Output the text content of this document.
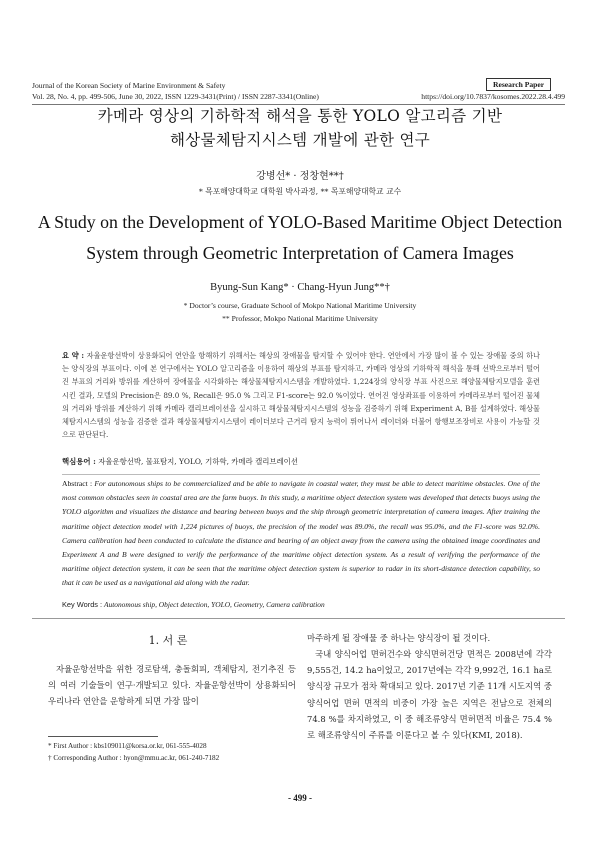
Journal of the Korean Society of Marine Environment & Safety
Vol. 28, No. 4, pp. 499-506, June 30, 2022, ISSN 1229-3431(Print) / ISSN 2287-3341(Online)
Research Paper
https://doi.org/10.7837/kosomes.2022.28.4.499
카메라 영상의 기하학적 해석을 통한 YOLO 알고리즘 기반
해상물체탐지시스템 개발에 관한 연구
강병선* · 정창현**†
* 목포해양대학교 대학원 박사과정, ** 목포해양대학교 교수
A Study on the Development of YOLO-Based Maritime Object Detection
System through Geometric Interpretation of Camera Images
Byung-Sun Kang* · Chang-Hyun Jung**†
* Doctor’s course, Graduate School of Mokpo National Maritime University
** Professor, Mokpo National Maritime University
요 약 : 자율운항선박이 상용화되어 연안을 항해하기 위해서는 해상의 장애물을 탐지할 수 있어야 한다. 연안에서 가장 많이 볼 수 있는 장애물 중의 하나는 양식장의 부표이다. 이에 본 연구에서는 YOLO 알고리즘을 이용하여 해상의 부표를 탐지하고, 카메라 영상의 기하학적 해석을 통해 선박으로부터 떨어진 부표의 거리와 방위를 계산하여 장애물을 시각화하는 해상물체탐지시스템을 개발하였다. 1,224장의 양식장 부표 사진으로 해양물체탐지모델을 훈련시킨 결과, 모델의 Precision은 89.0 %, Recall은 95.0 % 그리고 F1-score는 92.0 %이었다. 연어진 영상좌표를 이용하여 카메라로부터 떨어진 물체의 거리와 방위를 계산하기 위해 카메라 캘리브레이션을 실시하고 해상물체탐지시스템의 성능을 검증하기 위해 Experiment A, B를 설계하였다. 해상물체탐지시스템의 성능을 검증한 결과 해상물체탐지시스템이 레이더보다 근거리 탐지 능력이 뛰어나서 레이더와 더불어 항행보조장비로 사용이 가능할 것으로 판단된다.
핵심용어 : 자율운항선박, 물표탐지, YOLO, 기하학, 카메라 캘리브레이션
Abstract : For autonomous ships to be commercialized and be able to navigate in coastal water, they must be able to detect maritime obstacles. One of the most common obstacles seen in coastal area are the farm buoys. In this study, a maritime object detection system was developed that detects buoys using the YOLO algorithm and visualizes the distance and bearing between buoys and the ship through geometric interpretation of camera images. After training the maritime object detection model with 1,224 pictures of buoys, the precision of the model was 89.0%, the recall was 95.0%, and the F1-score was 92.0%. Camera calibration had been conducted to calculate the distance and bearing of an object away from the camera using the obtained image coordinates and Experiment A and B were designed to verify the performance of the maritime object detection system. As a result of verifying the performance of the maritime object detection system, it can be seen that the maritime object detection system is superior to radar in its short-distance detection capability, so that it can be used as a navigational aid along with the radar.
Key Words : Autonomous ship, Object detection, YOLO, Geometry, Camera calibration
1. 서 론
자율운항선박을 위한 경로탐색, 충돌회피, 객체탐지, 전기추진 등의 여러 기술들이 연구·개발되고 있다. 자율운항선박이 상용화되어 우리나라 연안을 운항하게 되면 가장 많이
* First Author : kbs109011@korsa.or.kr, 061-555-4028
† Corresponding Author : hyon@mmu.ac.kr, 061-240-7182
마주하게 될 장애물 중 하나는 양식장이 될 것이다.
국내 양식어업 면허건수와 양식면허건당 면적은 2008년에 각각 9,555건, 14.2 ha이었고, 2017년에는 각각 9,992건, 16.1 ha로 양식장 규모가 점차 확대되고 있다. 2017년 기준 11개 시도지역 중 양식어업 면허 면적의 비중이 가장 높은 지역은 전남으로 전체의 74.8 %를 차지하였고, 이 중 해조류양식 면허면적 비율은 75.4 %로 해조류양식이 주류를 이룬다고 볼 수 있다(KMI, 2018).
- 499 -
